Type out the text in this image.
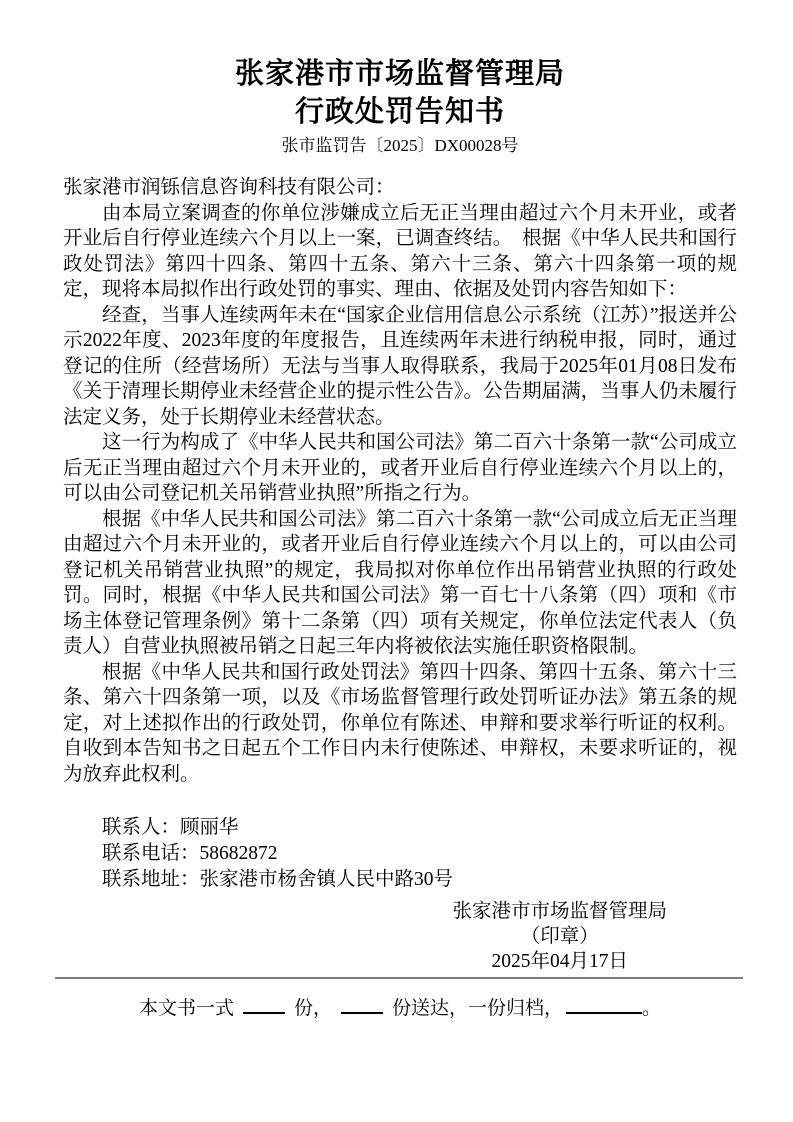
张家港市市场监督管理局
行政处罚告知书
张市监罚告〔2025〕DX00028号
张家港市润铄信息咨询科技有限公司：

由本局立案调查的你单位涉嫌成立后无正当理由超过六个月未开业，或者开业后自行停业连续六个月以上一案，已调查终结。　根据《中华人民共和国行政处罚法》第四十四条、第四十五条、第六十三条、第六十四条第一项的规定，现将本局拟作出行政处罚的事实、理由、依据及处罚内容告知如下：

经查，当事人连续两年未在“国家企业信用信息公示系统（江苏）”报送并公示2022年度、2023年度的年度报告，且连续两年未进行纳税申报，同时，通过登记的住所（经营场所）无法与当事人取得联系，我局于2025年01月08日发布《关于清理长期停业未经营企业的提示性公告》。公告期届满，当事人仍未履行法定义务，处于长期停业未经营状态。

这一行为构成了《中华人民共和国公司法》第二百六十条第一款“公司成立后无正当理由超过六个月未开业的，或者开业后自行停业连续六个月以上的，可以由公司登记机关吊销营业执照”所指之行为。

根据《中华人民共和国公司法》第二百六十条第一款“公司成立后无正当理由超过六个月未开业的，或者开业后自行停业连续六个月以上的，可以由公司登记机关吊销营业执照”的规定，我局拟对你单位作出吊销营业执照的行政处罚。同时，根据《中华人民共和国公司法》第一百七十八条第（四）项和《市场主体登记管理条例》第十二条第（四）项有关规定，你单位法定代表人（负责人）自营业执照被吊销之日起三年内将被依法实施任职资格限制。

根据《中华人民共和国行政处罚法》第四十四条、第四十五条、第六十三条、第六十四条第一项，以及《市场监督管理行政处罚听证办法》第五条的规定，对上述拟作出的行政处罚，你单位有陈述、申辩和要求举行听证的权利。自收到本告知书之日起五个工作日内未行使陈述、申辩权，未要求听证的，视为放弃此权利。

联系人：顾丽华
联系电话：58682872
联系地址：张家港市杨舍镇人民中路30号
张家港市市场监督管理局
（印章）
2025年04月17日
本文书一式	份，	份送达，一份归档，	。
